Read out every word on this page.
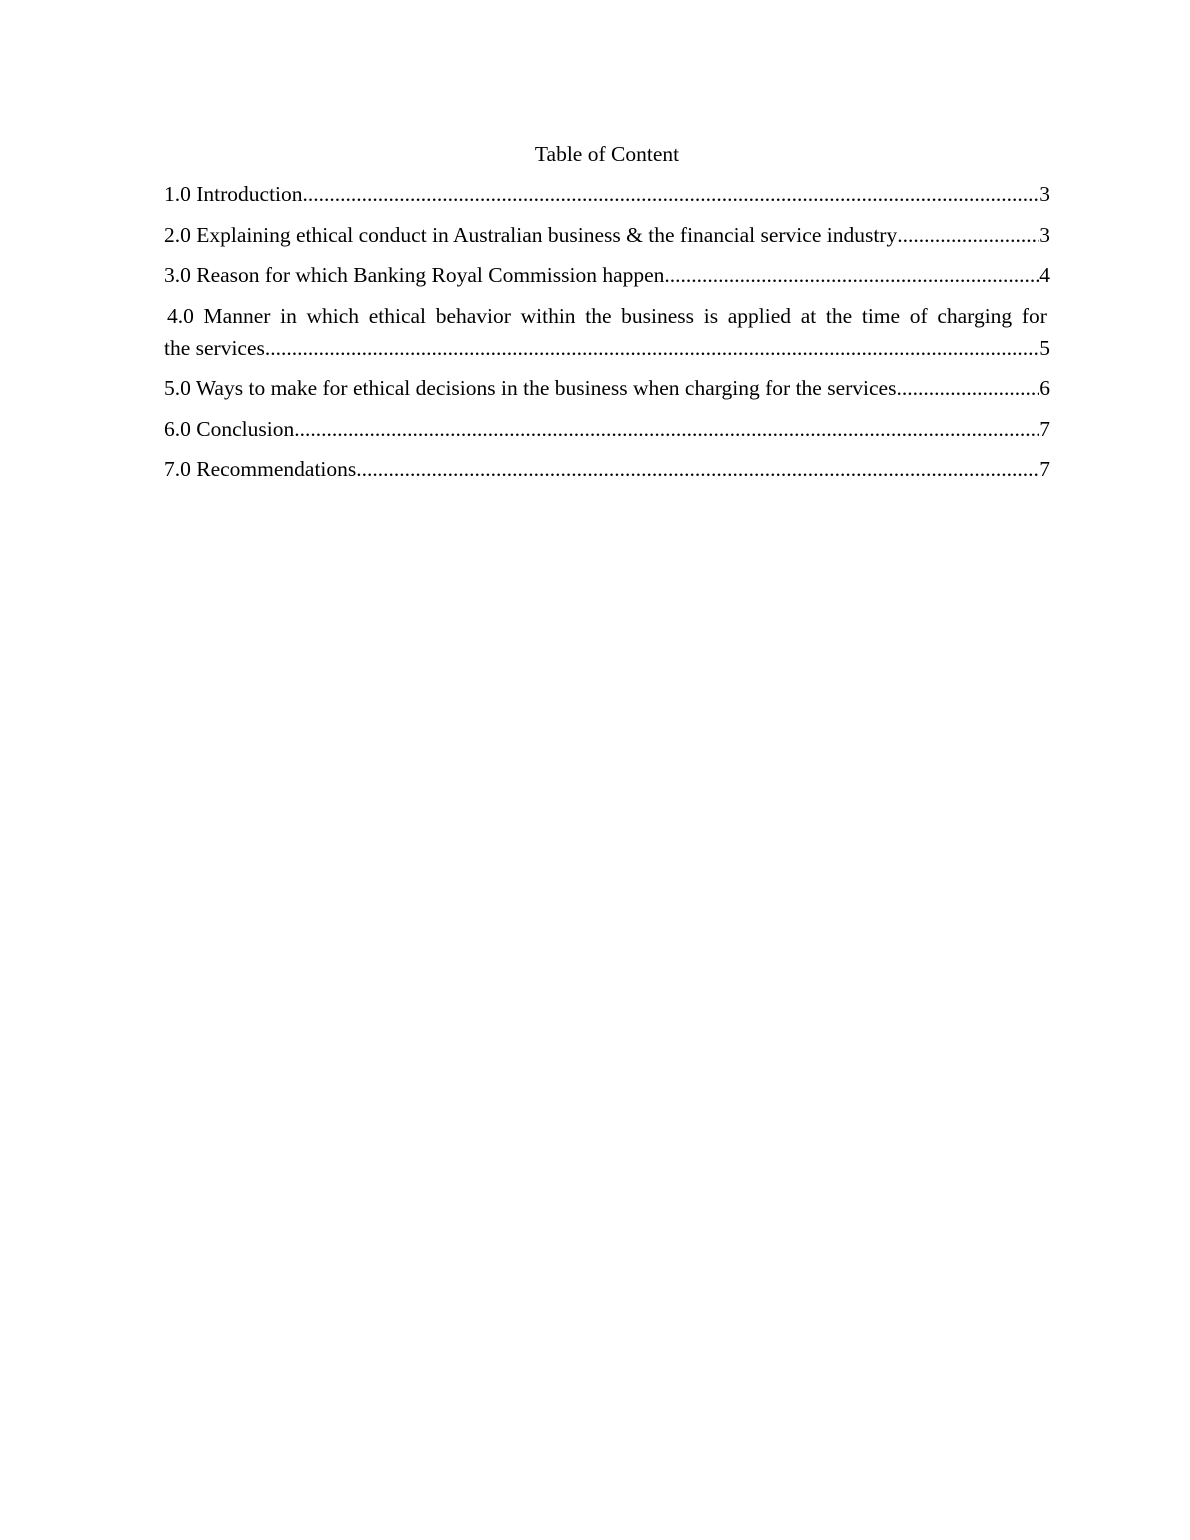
Table of Content
1.0 Introduction .....	3
2.0 Explaining ethical conduct in Australian business & the financial service industry .....	3
3.0 Reason for which Banking Royal Commission happen .....	4
4.0 Manner in which ethical behavior within the business is applied at the time of charging for
the services .....	5
5.0 Ways to make for ethical decisions in the business when charging for the services .....	6
6.0 Conclusion .....	7
7.0 Recommendations .....	7
